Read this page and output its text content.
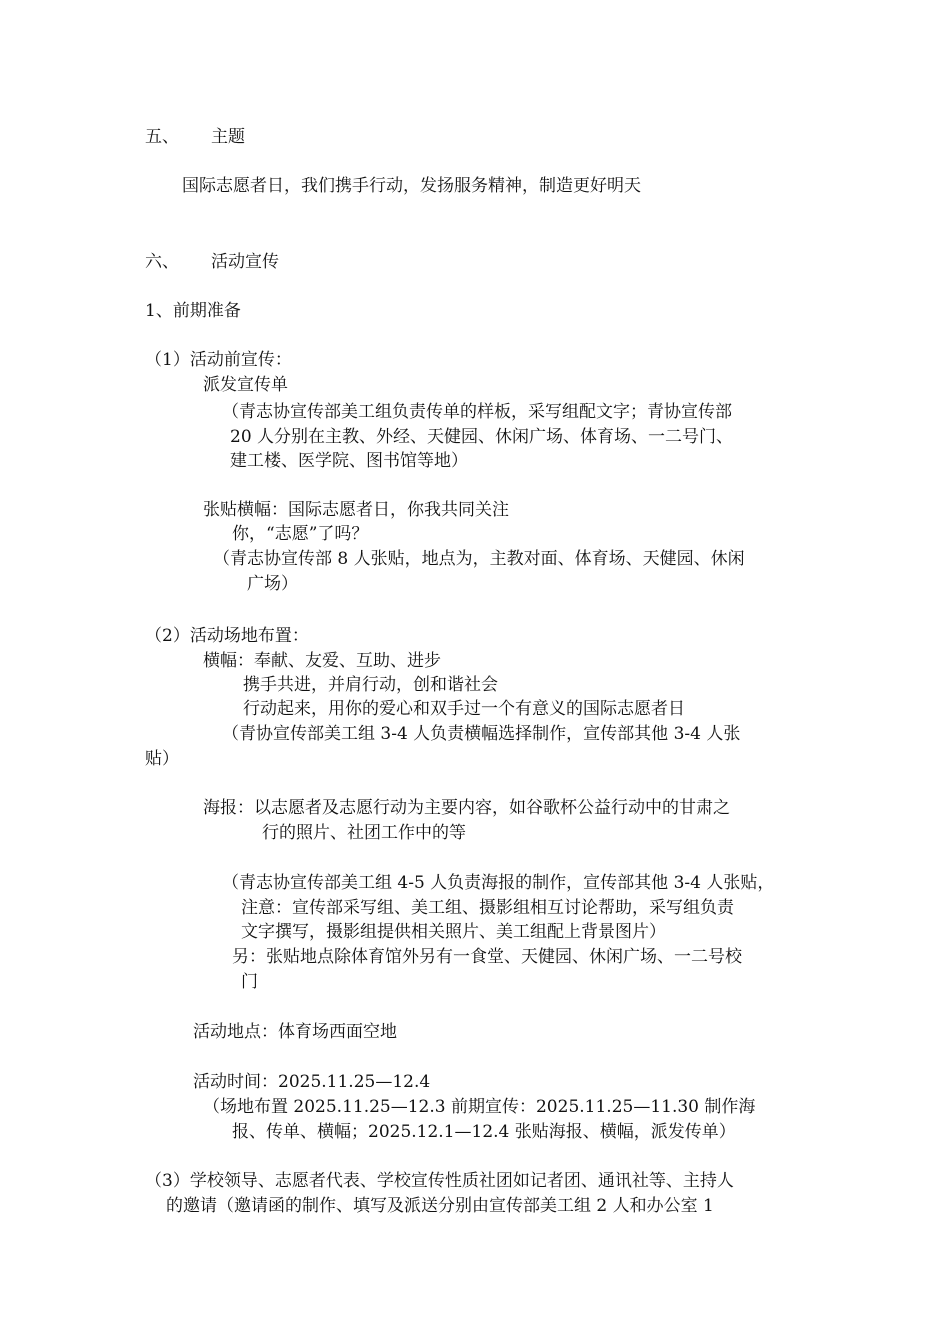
五、 主题
国际志愿者日，我们携手行动，发扬服务精神，制造更好明天
六、 活动宣传
1、前期准备
（1）活动前宣传：
派发宣传单
（青志协宣传部美工组负责传单的样板，采写组配文字；青协宣传部
20 人分别在主教、外经、天健园、休闲广场、体育场、一二号门、
建工楼、医学院、图书馆等地）
张贴横幅：国际志愿者日，你我共同关注
你，“志愿”了吗？
（青志协宣传部 8 人张贴，地点为，主教对面、体育场、天健园、休闲
广场）
（2）活动场地布置：
横幅：奉献、友爱、互助、进步
携手共进，并肩行动，创和谐社会
行动起来，用你的爱心和双手过一个有意义的国际志愿者日
（青协宣传部美工组 3-4 人负责横幅选择制作，宣传部其他 3-4 人张
贴）
海报：以志愿者及志愿行动为主要内容，如谷歌杯公益行动中的甘肃之
行的照片、社团工作中的等
（青志协宣传部美工组 4-5 人负责海报的制作，宣传部其他 3-4 人张贴，
注意：宣传部采写组、美工组、摄影组相互讨论帮助，采写组负责
文字撰写，摄影组提供相关照片、美工组配上背景图片）
另：张贴地点除体育馆外另有一食堂、天健园、休闲广场、一二号校
门
活动地点：体育场西面空地
活动时间：2025.11.25—12.4
（场地布置 2025.11.25—12.3 前期宣传：2025.11.25—11.30 制作海
报、传单、横幅；2025.12.1—12.4 张贴海报、横幅，派发传单）
（3）学校领导、志愿者代表、学校宣传性质社团如记者团、通讯社等、主持人
的邀请（邀请函的制作、填写及派送分别由宣传部美工组 2 人和办公室 1
